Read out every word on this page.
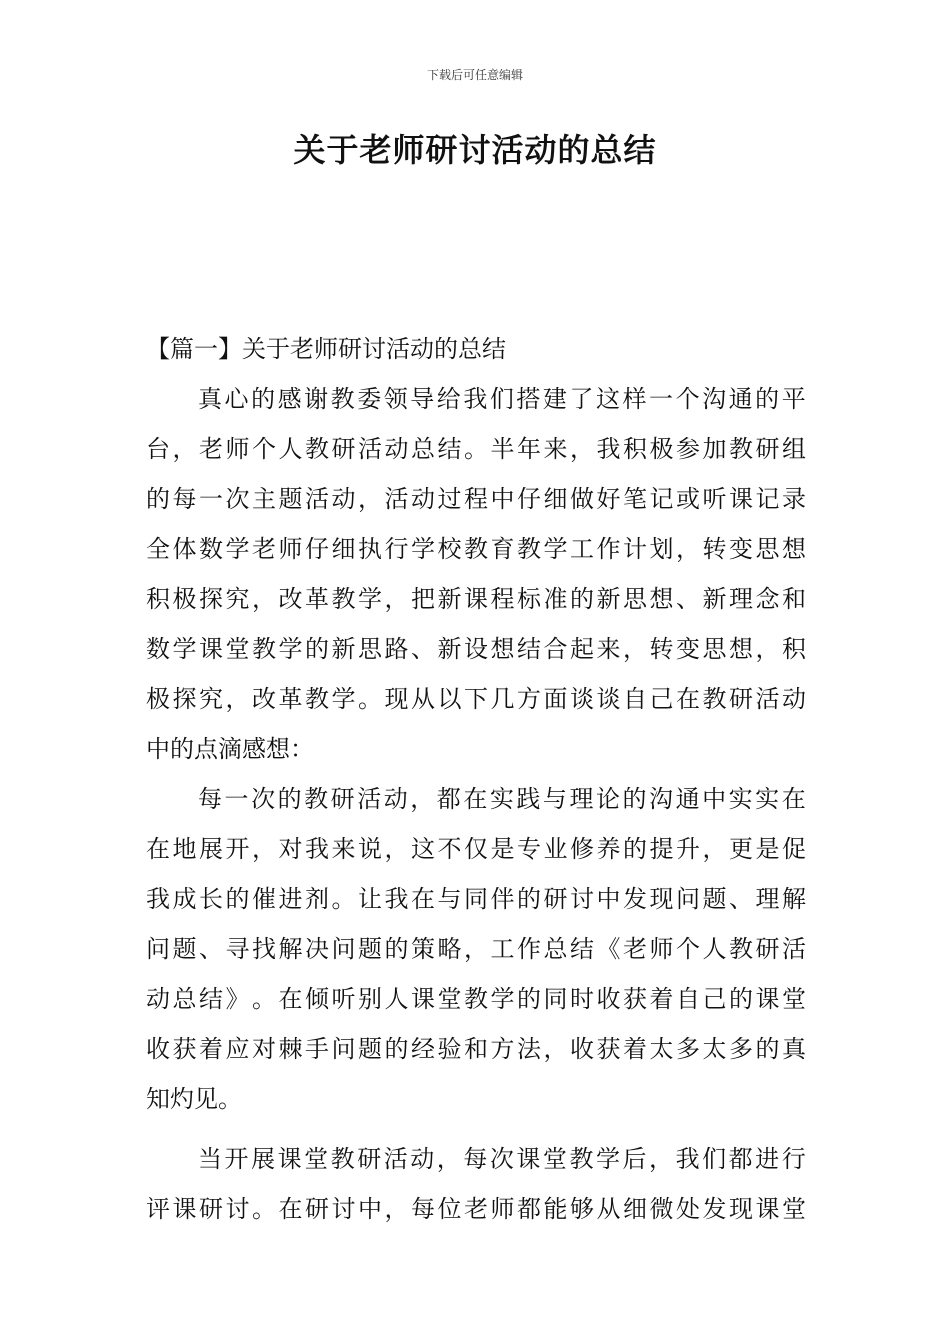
下载后可任意编辑
关于老师研讨活动的总结
【篇一】关于老师研讨活动的总结
真 心 的 感 谢 教 委 领 导 给 我 们 搭 建 了 这 样 一 个 沟 通 的 平
台 ， 老 师 个 人 教 研 活 动 总 结 。 半 年 来 ， 我 积 极 参 加 教 研 组
的 每 一 次 主 题 活 动 ， 活 动 过 程 中 仔 细 做 好 笔 记 或 听 课 记 录
全 体 数 学 老 师 仔 细 执 行 学 校 教 育 教 学 工 作 计 划 ， 转 变 思 想
积 极 探 究 ， 改 革 教 学 ， 把 新 课 程 标 准 的 新 思 想 、 新 理 念 和
数 学 课 堂 教 学 的 新 思 路 、 新 设 想 结 合 起 来 ， 转 变 思 想 ， 积
极 探 究 ， 改 革 教 学 。 现 从 以 下 几 方 面 谈 谈 自 己 在 教 研 活 动
中的点滴感想：
每 一 次 的 教 研 活 动 ， 都 在 实 践 与 理 论 的 沟 通 中 实 实 在
在 地 展 开 ， 对 我 来 说 ， 这 不 仅 是 专 业 修 养 的 提 升 ， 更 是 促
我 成 长 的 催 进 剂 。 让 我 在 与 同 伴 的 研 讨 中 发 现 问 题 、 理 解
问 题 、 寻 找 解 决 问 题 的 策 略 ， 工 作 总 结 《 老 师 个 人 教 研 活
动 总 结 》 。 在 倾 听 别 人 课 堂 教 学 的 同 时 收 获 着 自 己 的 课 堂
收 获 着 应 对 棘 手 问 题 的 经 验 和 方 法 ， 收 获 着 太 多 太 多 的 真
知灼见。
当 开 展 课 堂 教 研 活 动 ， 每 次 课 堂 教 学 后 ， 我 们 都 进 行
评 课 研 讨 。 在 研 讨 中 ， 每 位 老 师 都 能 够 从 细 微 处 发 现 课 堂
